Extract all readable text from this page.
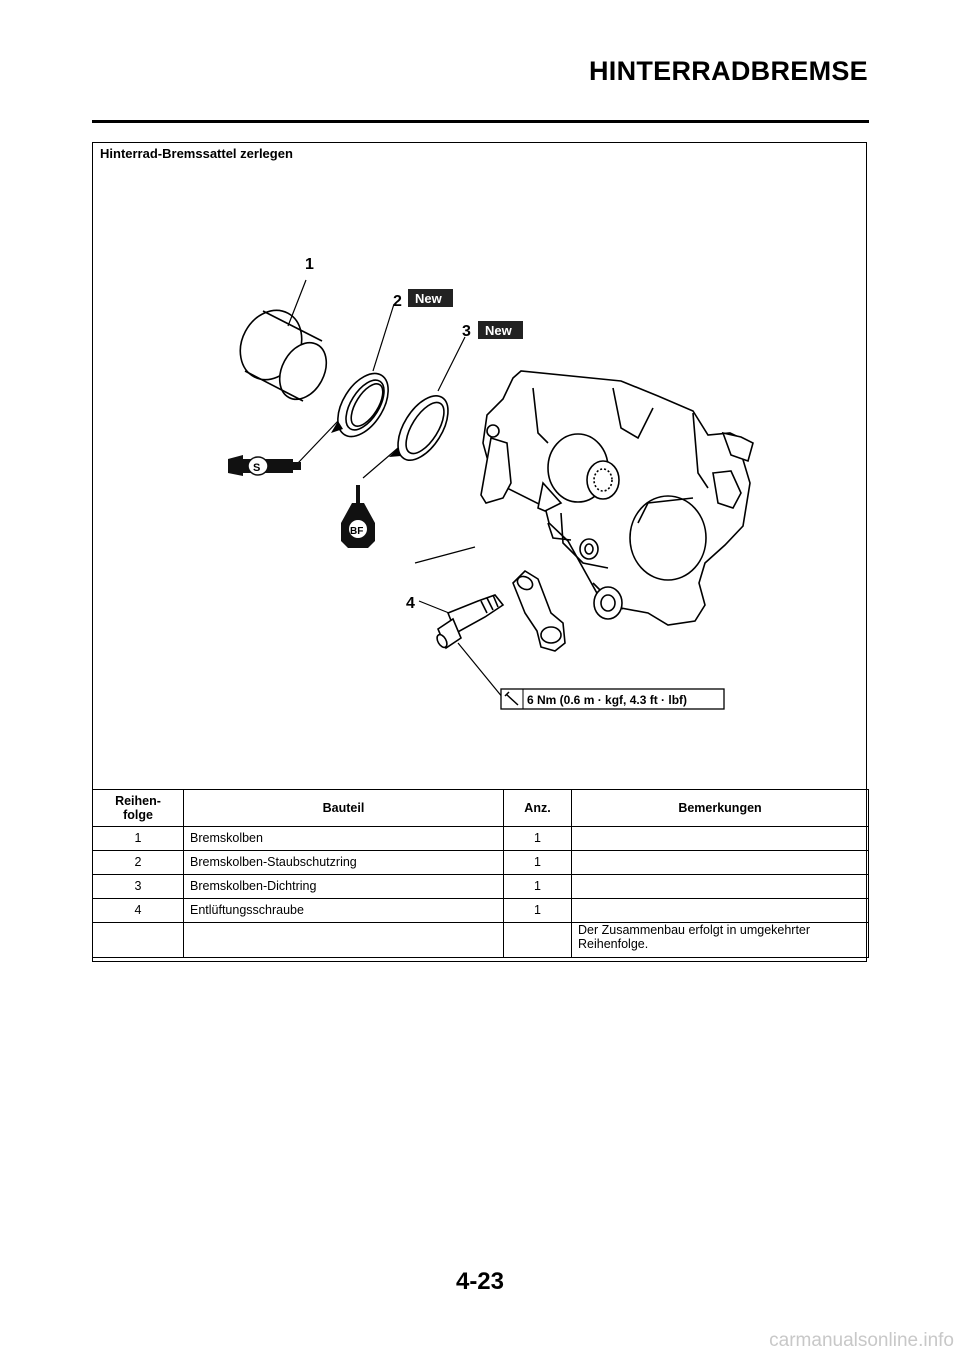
HINTERRADBREMSE
Hinterrad-Bremssattel zerlegen
1
2
3
4
New
New
S
BF
6 Nm (0.6 m · kgf, 4.3 ft · lbf)
Reihen-
folge	Bauteil	Anz.	Bemerkungen
1	Bremskolben	1	
2	Bremskolben-Staubschutzring	1	
3	Bremskolben-Dichtring	1	
4	Entlüftungsschraube	1	
			Der Zusammenbau erfolgt in umgekehrter
Reihenfolge.
4-23
carmanualsonline.info
